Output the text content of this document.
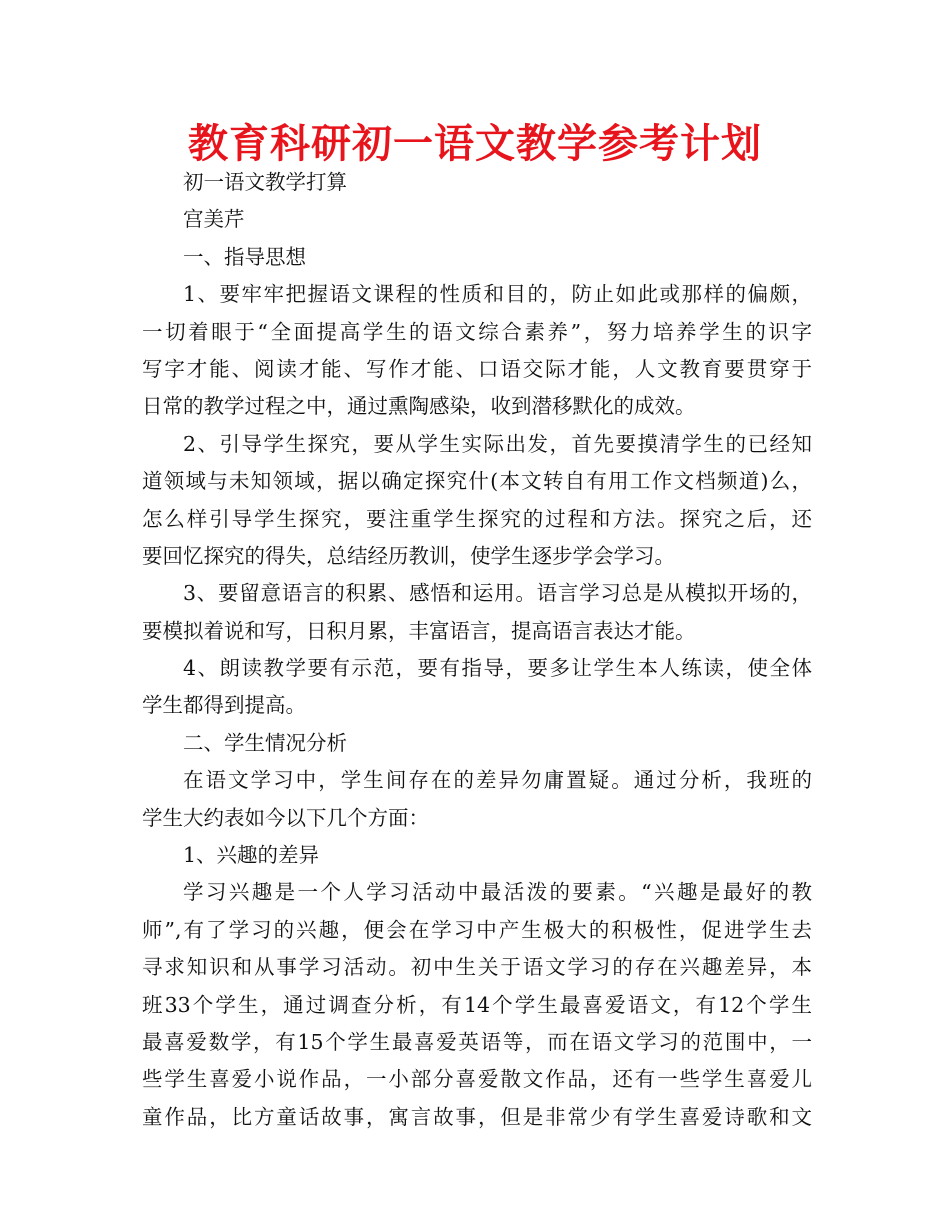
教育科研初一语文教学参考计划
初一语文教学打算
宫美芹
一、指导思想
1、要牢牢把握语文课程的性质和目的，防止如此或那样的偏颇，
一切着眼于“全面提高学生的语文综合素养”，努力培养学生的识字
写字才能、阅读才能、写作才能、口语交际才能，人文教育要贯穿于
日常的教学过程之中，通过熏陶感染，收到潜移默化的成效。
2、引导学生探究，要从学生实际出发，首先要摸清学生的已经知
道领域与未知领域，据以确定探究什(本文转自有用工作文档频道)么，
怎么样引导学生探究，要注重学生探究的过程和方法。探究之后，还
要回忆探究的得失，总结经历教训，使学生逐步学会学习。
3、要留意语言的积累、感悟和运用。语言学习总是从模拟开场的，
要模拟着说和写，日积月累，丰富语言，提高语言表达才能。
4、朗读教学要有示范，要有指导，要多让学生本人练读，使全体
学生都得到提高。
二、学生情况分析
在语文学习中，学生间存在的差异勿庸置疑。通过分析，我班的
学生大约表如今以下几个方面：
1、兴趣的差异
学习兴趣是一个人学习活动中最活泼的要素。“兴趣是最好的教
师”,有了学习的兴趣，便会在学习中产生极大的积极性，促进学生去
寻求知识和从事学习活动。初中生关于语文学习的存在兴趣差异，本
班33个学生，通过调查分析，有14个学生最喜爱语文，有12个学生
最喜爱数学，有15个学生最喜爱英语等，而在语文学习的范围中，一
些学生喜爱小说作品，一小部分喜爱散文作品，还有一些学生喜爱儿
童作品，比方童话故事，寓言故事，但是非常少有学生喜爱诗歌和文
